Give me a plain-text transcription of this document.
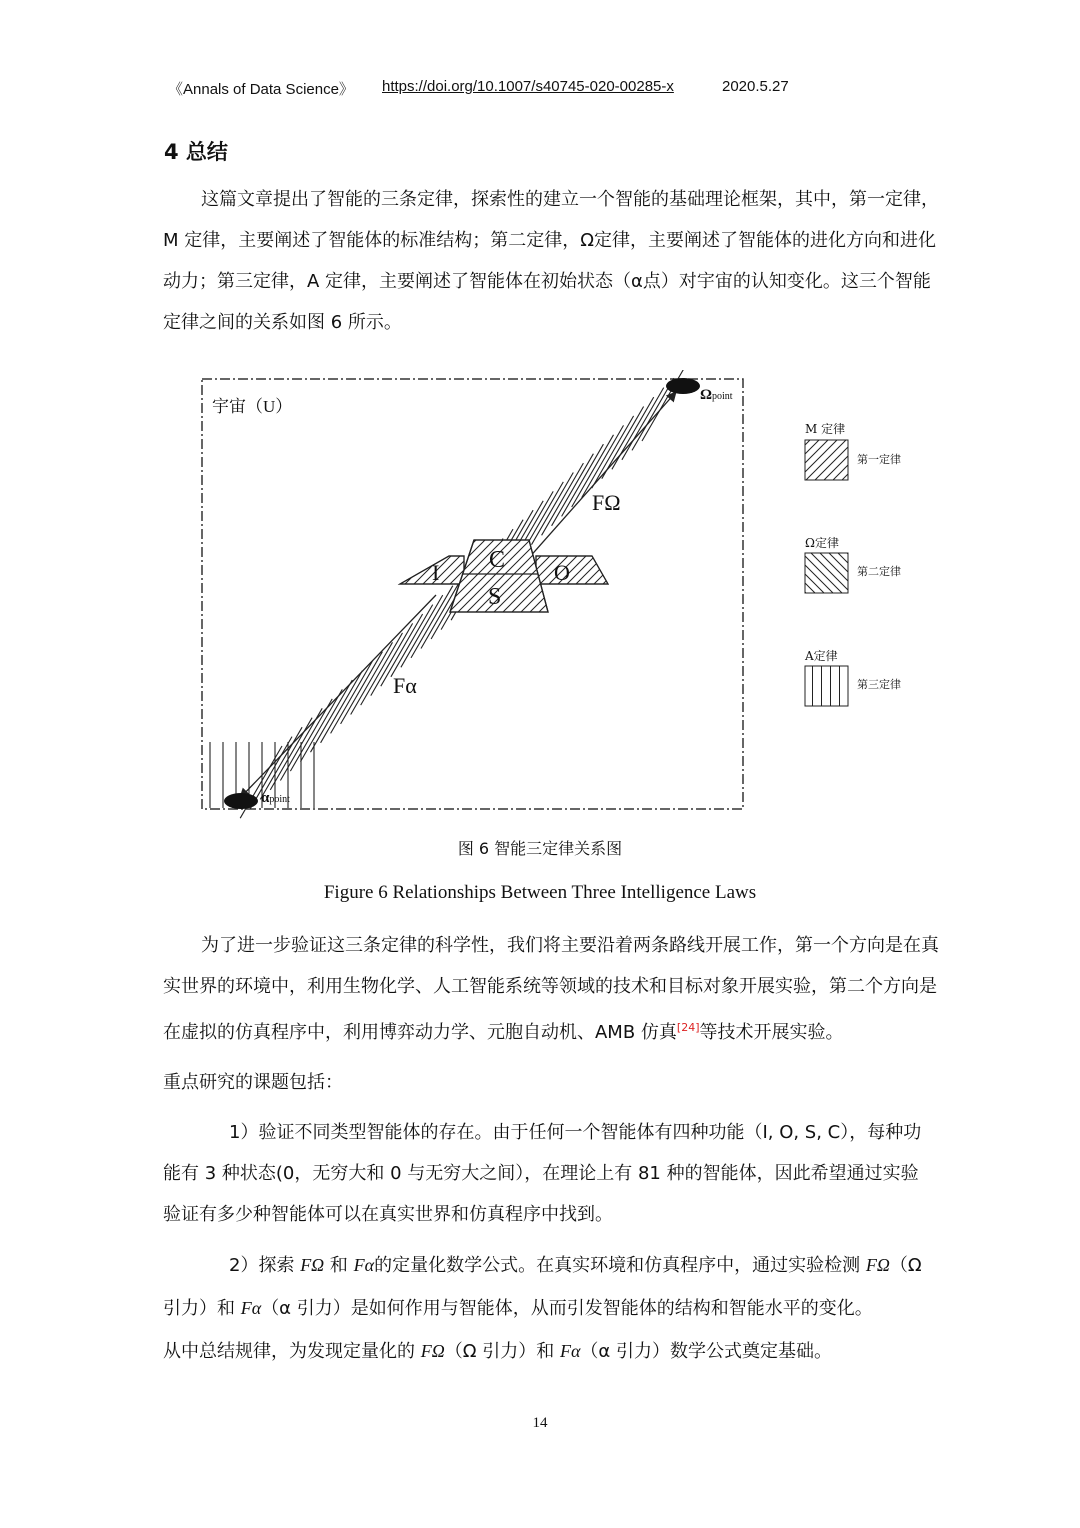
《Annals of Data Science》 https://doi.org/10.1007/s40745-020-00285-x	2020.5.27
4 总结
这篇文章提出了智能的三条定律，探索性的建立一个智能的基础理论框架，其中，第一定律，
M 定律，主要阐述了智能体的标准结构；第二定律，Ω定律，主要阐述了智能体的进化方向和进化
动力；第三定律，A 定律，主要阐述了智能体在初始状态（α点）对宇宙的认知变化。这三个智能
定律之间的关系如图 6 所示。
宇宙（U）
I	O
C
S
FΩ
Fα
Ωpoint
αpoint
M 定律
第一定律
Ω定律
第二定律
A定律
第三定律
图 6 智能三定律关系图
Figure 6 Relationships Between Three Intelligence Laws
为了进一步验证这三条定律的科学性，我们将主要沿着两条路线开展工作，第一个方向是在真
实世界的环境中，利用生物化学、人工智能系统等领域的技术和目标对象开展实验，第二个方向是
在虚拟的仿真程序中，利用博弈动力学、元胞自动机、AMB 仿真[24]等技术开展实验。
重点研究的课题包括：
1）验证不同类型智能体的存在。由于任何一个智能体有四种功能（I, O, S, C），每种功
能有 3 种状态(0，无穷大和 0 与无穷大之间），在理论上有 81 种的智能体，因此希望通过实验
验证有多少种智能体可以在真实世界和仿真程序中找到。
2）探索 FΩ 和 Fα的定量化数学公式。在真实环境和仿真程序中，通过实验检测 FΩ（Ω
引力）和 Fα（α 引力）是如何作用与智能体，从而引发智能体的结构和智能水平的变化。
从中总结规律，为发现定量化的 FΩ（Ω 引力）和 Fα（α 引力）数学公式奠定基础。
14
